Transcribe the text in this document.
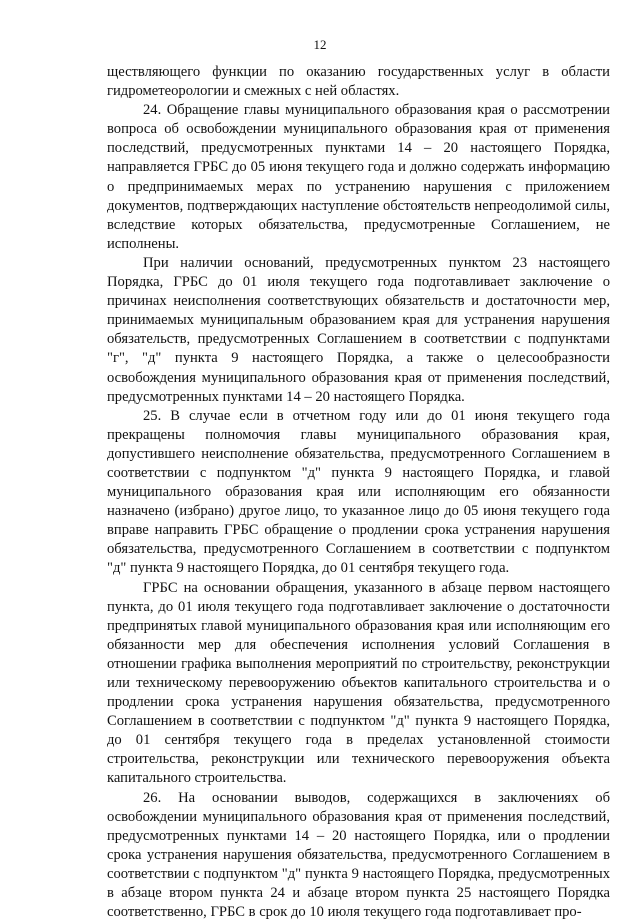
12

ществляющего функции по оказанию государственных услуг в области гидрометеорологии и смежных с ней областях.

24. Обращение главы муниципального образования края о рассмотрении вопроса об освобождении муниципального образования края от применения последствий, предусмотренных пунктами 14 – 20 настоящего Порядка, направляется ГРБС до 05 июня текущего года и должно содержать информацию о предпринимаемых мерах по устранению нарушения с приложением документов, подтверждающих наступление обстоятельств непреодолимой силы, вследствие которых обязательства, предусмотренные Соглашением, не исполнены.

При наличии оснований, предусмотренных пунктом 23 настоящего Порядка, ГРБС до 01 июля текущего года подготавливает заключение о причинах неисполнения соответствующих обязательств и достаточности мер, принимаемых муниципальным образованием края для устранения нарушения обязательств, предусмотренных Соглашением в соответствии с подпунктами "г", "д" пункта 9 настоящего Порядка, а также о целесообразности освобождения муниципального образования края от применения последствий, предусмотренных пунктами 14 – 20 настоящего Порядка.

25. В случае если в отчетном году или до 01 июня текущего года прекращены полномочия главы муниципального образования края, допустившего неисполнение обязательства, предусмотренного Соглашением в соответствии с подпунктом "д" пункта 9 настоящего Порядка, и главой муниципального образования края или исполняющим его обязанности назначено (избрано) другое лицо, то указанное лицо до 05 июня текущего года вправе направить ГРБС обращение о продлении срока устранения нарушения обязательства, предусмотренного Соглашением в соответствии с подпунктом "д" пункта 9 настоящего Порядка, до 01 сентября текущего года.

ГРБС на основании обращения, указанного в абзаце первом настоящего пункта, до 01 июля текущего года подготавливает заключение о достаточности предпринятых главой муниципального образования края или исполняющим его обязанности мер для обеспечения исполнения условий Соглашения в отношении графика выполнения мероприятий по строительству, реконструкции или техническому перевооружению объектов капитального строительства и о продлении срока устранения нарушения обязательства, предусмотренного Соглашением в соответствии с подпунктом "д" пункта 9 настоящего Порядка, до 01 сентября текущего года в пределах установленной стоимости строительства, реконструкции или технического перевооружения объекта капитального строительства.

26. На основании выводов, содержащихся в заключениях об освобождении муниципального образования края от применения последствий, предусмотренных пунктами 14 – 20 настоящего Порядка, или о продлении срока устранения нарушения обязательства, предусмотренного Соглашением в соответствии с подпунктом "д" пункта 9 настоящего Порядка, предусмотренных в абзаце втором пункта 24 и абзаце втором пункта 25 настоящего Порядка соответственно, ГРБС в срок до 10 июля текущего года подготавливает про-
